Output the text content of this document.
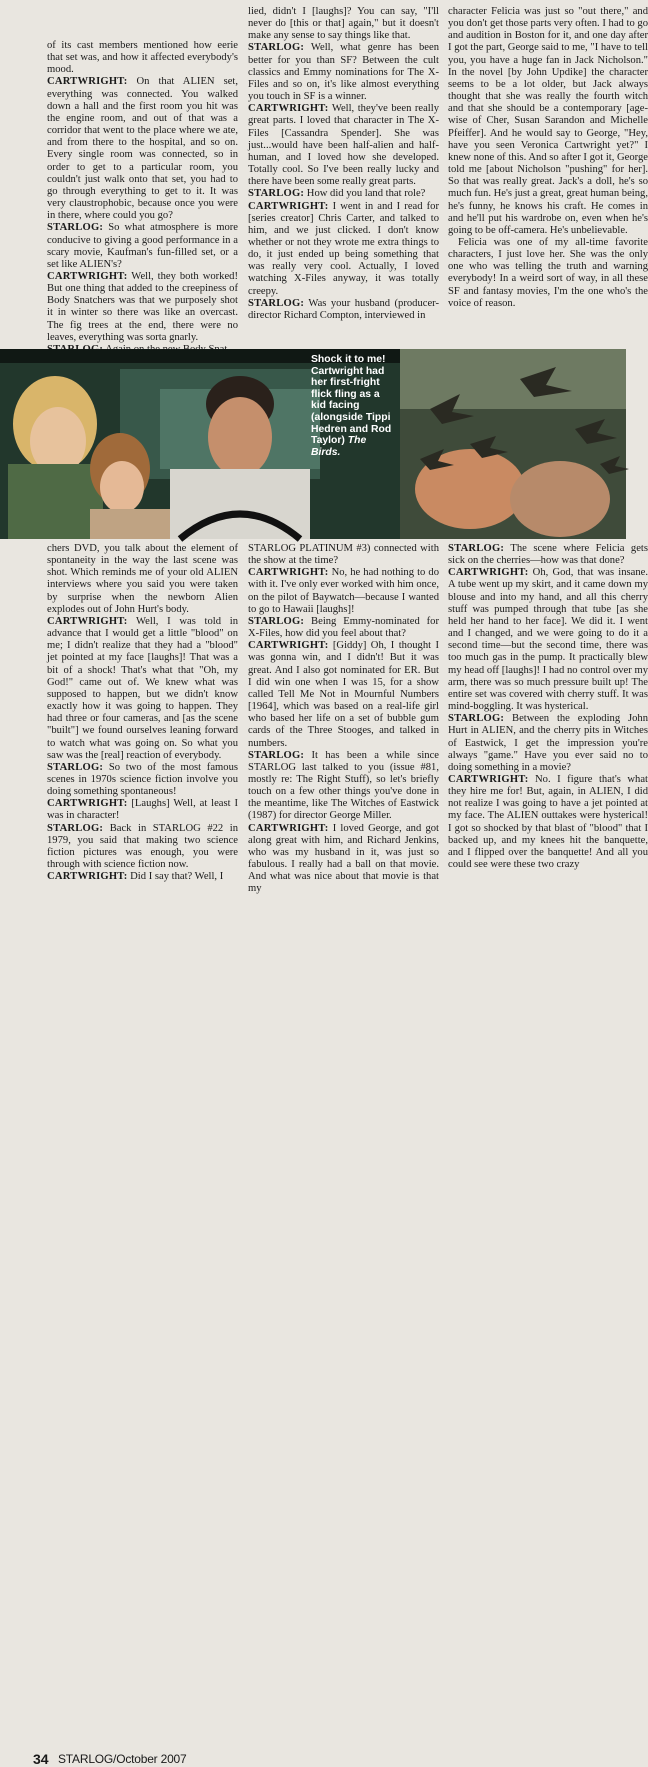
of its cast members mentioned how eerie that set was, and how it affected everybody's mood.

CARTWRIGHT: On that ALIEN set, everything was connected. You walked down a hall and the first room you hit was the engine room, and out of that was a corridor that went to the place where we ate, and from there to the hospital, and so on. Every single room was connected, so in order to get to a particular room, you couldn't just walk onto that set, you had to go through everything to get to it. It was very claustrophobic, because once you were in there, where could you go?

STARLOG: So what atmosphere is more conducive to giving a good performance in a scary movie, Kaufman's fun-filled set, or a set like ALIEN's?

CARTWRIGHT: Well, they both worked! But one thing that added to the creepiness of Body Snatchers was that we purposely shot it in winter so there was like an overcast. The fig trees at the end, there were no leaves, everything was sorta gnarly.

lied, didn't I [laughs]? You can say, "I'll never do [this or that] again," but it doesn't make any sense to say things like that.

STARLOG: Well, what genre has been better for you than SF? Between the cult classics and Emmy nominations for The X-Files and so on, it's like almost everything you touch in SF is a winner.

CARTWRIGHT: Well, they've been really great parts. I loved that character in The X-Files [Cassandra Spender]. She was just...would have been half-alien and half-human, and I loved how she developed. Totally cool. So I've been really lucky and there have been some really great parts.

STARLOG: How did you land that role?

CARTWRIGHT: I went in and I read for [series creator] Chris Carter, and talked to him, and we just clicked. I don't know whether or not they wrote me extra things to do, it just ended up being something that was really very cool. Actually, I loved watching X-Files anyway, it was totally creepy.

STARLOG: Was your husband (producer-director Richard Compton, interviewed in

character Felicia was just so "out there," and you don't get those parts very often. I had to go and audition in Boston for it, and one day after I got the part, George said to me, "I have to tell you, you have a huge fan in Jack Nicholson." In the novel [by John Updike] the character seems to be a lot older, but Jack always thought that she was really the fourth witch and that she should be a contemporary [age-wise of Cher, Susan Sarandon and Michelle Pfeiffer]. And he would say to George, "Hey, have you seen Veronica Cartwright yet?" I knew none of this. And so after I got it, George told me [about Nicholson "pushing" for her]. So that was really great. Jack's a doll, he's so much fun. He's just a great, great human being, he's funny, he knows his craft. He comes in and he'll put his wardrobe on, even when he's going to be off-camera. He's unbelievable.

Felicia was one of my all-time favorite characters, I just love her. She was the only one who was telling the truth and warning everybody! In a weird sort of way, in all these SF and fantasy movies, I'm the one who's the voice of reason.

Shock it to me! Cartwright had her first-fright flick fling as a kid facing (alongside Tippi Hedren and Rod Taylor) The Birds.

chers DVD, you talk about the element of spontaneity in the way the last scene was shot. Which reminds me of your old ALIEN interviews where you said you were taken by surprise when the newborn Alien explodes out of John Hurt's body.

CARTWRIGHT: Well, I was told in advance that I would get a little "blood" on me; I didn't realize that they had a "blood" jet pointed at my face [laughs]! That was a bit of a shock! That's what that "Oh, my God!" came out of. We knew what was supposed to happen, but we didn't know exactly how it was going to happen. They had three or four cameras, and [as the scene "built"] we found ourselves leaning forward to watch what was going on. So what you saw was the [real] reaction of everybody.

STARLOG: So two of the most famous scenes in 1970s science fiction involve you doing something spontaneous!

CARTWRIGHT: [Laughs] Well, at least I was in character!

STARLOG: Back in STARLOG #22 in 1979, you said that making two science fiction pictures was enough, you were through with science fiction now.

CARTWRIGHT: Did I say that? Well, I

STARLOG PLATINUM #3) connected with the show at the time?

CARTWRIGHT: No, he had nothing to do with it. I've only ever worked with him once, on the pilot of Baywatch—because I wanted to go to Hawaii [laughs]!

STARLOG: Being Emmy-nominated for X-Files, how did you feel about that?

CARTWRIGHT: [Giddy] Oh, I thought I was gonna win, and I didn't! But it was great. And I also got nominated for ER. But I did win one when I was 15, for a show called Tell Me Not in Mournful Numbers [1964], which was based on a real-life girl who based her life on a set of bubble gum cards of the Three Stooges, and talked in numbers.

STARLOG: It has been a while since STARLOG last talked to you (issue #81, mostly re: The Right Stuff), so let's briefly touch on a few other things you've done in the meantime, like The Witches of Eastwick (1987) for director George Miller.

CARTWRIGHT: I loved George, and got along great with him, and Richard Jenkins, who was my husband in it, was just so fabulous. I really had a ball on that movie. And what was nice about that movie is that my

STARLOG: The scene where Felicia gets sick on the cherries—how was that done?

CARTWRIGHT: Oh, God, that was insane. A tube went up my skirt, and it came down my blouse and into my hand, and all this cherry stuff was pumped through that tube [as she held her hand to her face]. We did it. I went and I changed, and we were going to do it a second time—but the second time, there was too much gas in the pump. It practically blew my head off [laughs]! I had no control over my arm, there was so much pressure built up! The entire set was covered with cherry stuff. It was mind-boggling. It was hysterical.

STARLOG: Between the exploding John Hurt in ALIEN, and the cherry pits in Witches of Eastwick, I get the impression you're always "game." Have you ever said no to doing something in a movie?

CARTWRIGHT: No. I figure that's what they hire me for! But, again, in ALIEN, I did not realize I was going to have a jet pointed at my face. The ALIEN outtakes were hysterical! I got so shocked by that blast of "blood" that I backed up, and my knees hit the banquette, and I flipped over the banquette! And all you could see were these two crazy

34 STARLOG/October 2007
